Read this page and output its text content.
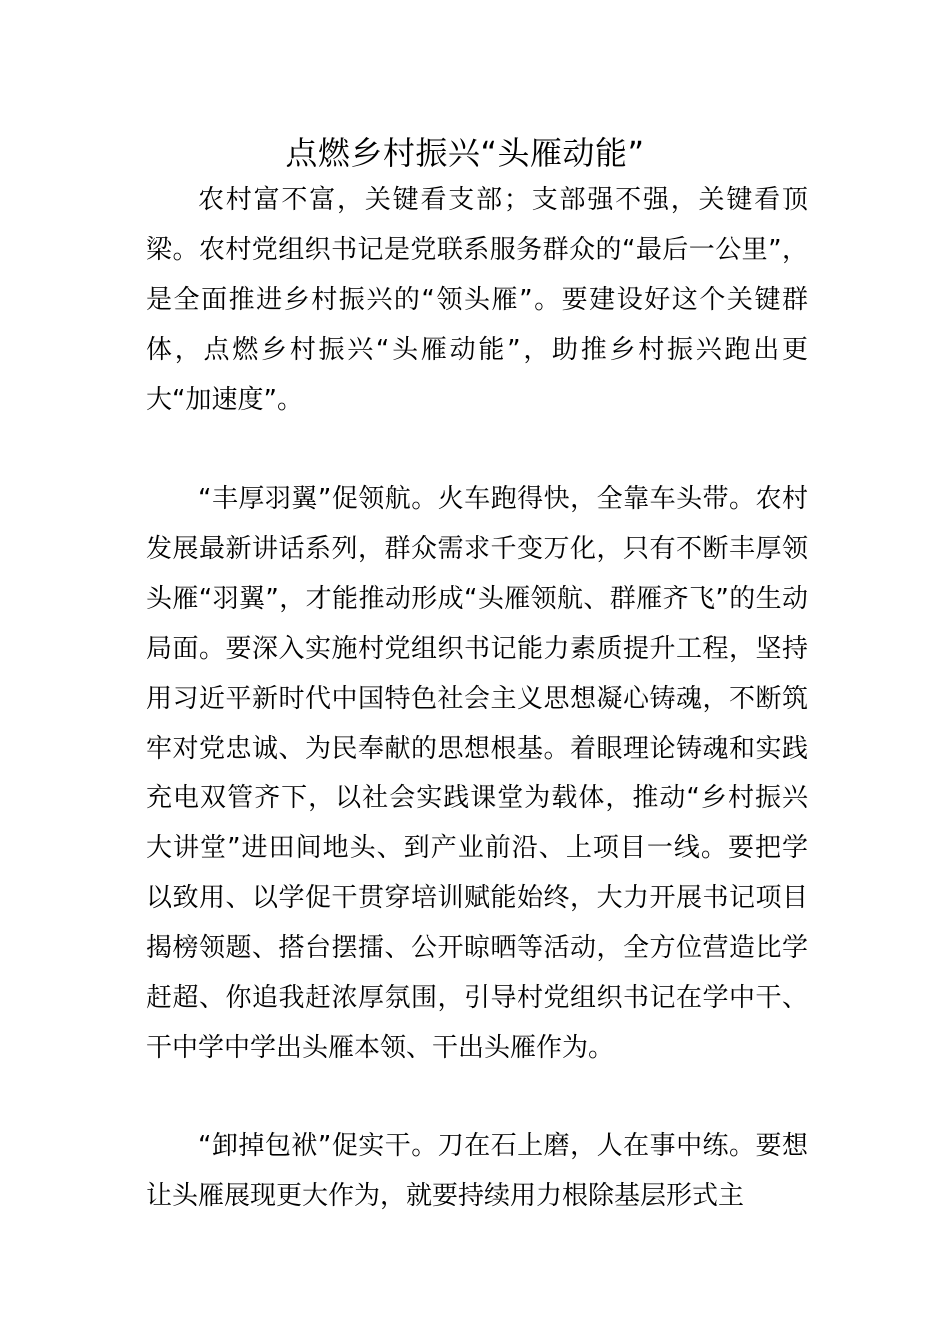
点燃乡村振兴“头雁动能”

农村富不富，关键看支部；支部强不强，关键看顶梁。农村党组织书记是党联系服务群众的“最后一公里”，是全面推进乡村振兴的“领头雁”。要建设好这个关键群体，点燃乡村振兴“头雁动能”，助推乡村振兴跑出更大“加速度”。

“丰厚羽翼”促领航。火车跑得快，全靠车头带。农村发展最新讲话系列，群众需求千变万化，只有不断丰厚领头雁“羽翼”，才能推动形成“头雁领航、群雁齐飞”的生动局面。要深入实施村党组织书记能力素质提升工程，坚持用习近平新时代中国特色社会主义思想凝心铸魂，不断筑牢对党忠诚、为民奉献的思想根基。着眼理论铸魂和实践充电双管齐下，以社会实践课堂为载体，推动“乡村振兴大讲堂”进田间地头、到产业前沿、上项目一线。要把学以致用、以学促干贯穿培训赋能始终，大力开展书记项目揭榜领题、搭台摆擂、公开晾晒等活动，全方位营造比学赶超、你追我赶浓厚氛围，引导村党组织书记在学中干、干中学中学出头雁本领、干出头雁作为。

“卸掉包袱”促实干。刀在石上磨，人在事中练。要想让头雁展现更大作为，就要持续用力根除基层形式主
